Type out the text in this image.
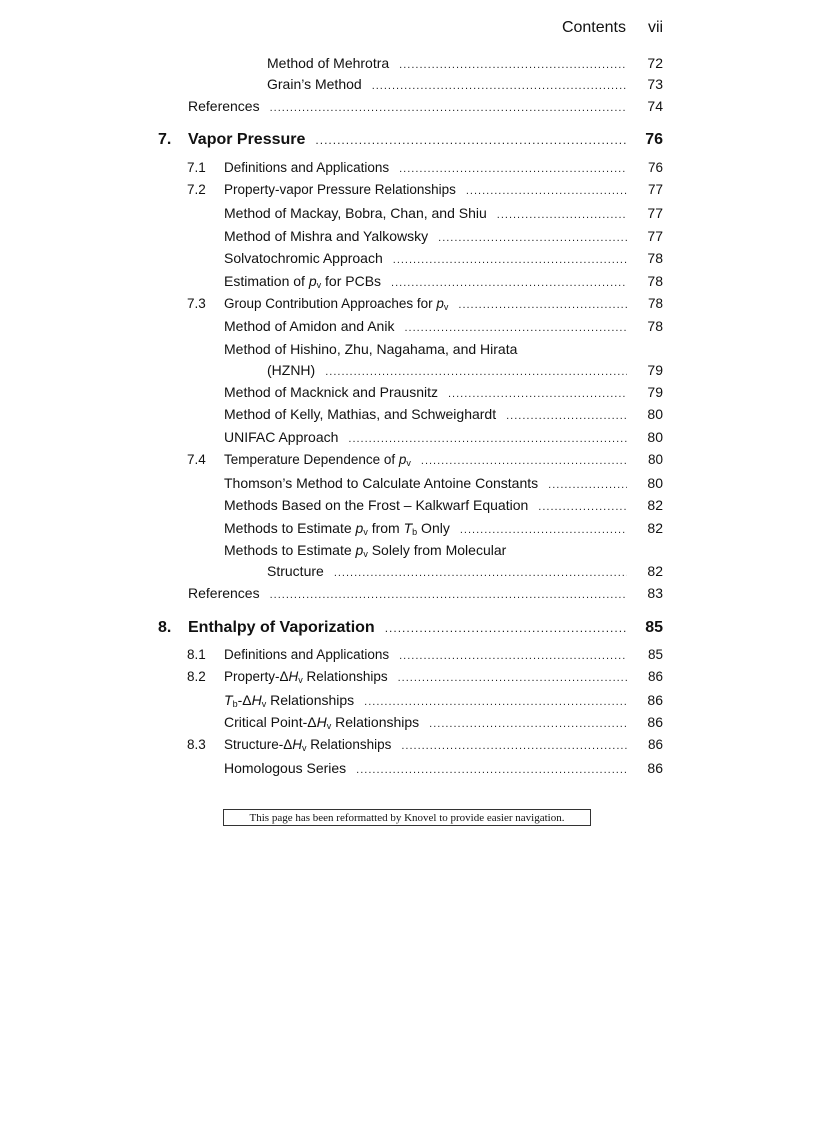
Contents vii
Method of Mehrotra .....	72
Grain’s Method .....	73
References .....	74
7. Vapor Pressure .....	76
7.1 Definitions and Applications .....	76
7.2 Property-vapor Pressure Relationships .....	77
Method of Mackay, Bobra, Chan, and Shiu .....	77
Method of Mishra and Yalkowsky .....	77
Solvatochromic Approach .....	78
Estimation of $p_v$ for PCBs .....	78
7.3 Group Contribution Approaches for $p_v$ .....	78
Method of Amidon and Anik .....	78
Method of Hishino, Zhu, Nagahama, and Hirata
(HZNH) .....	79
Method of Macknick and Prausnitz .....	79
Method of Kelly, Mathias, and Schweighardt .....	80
UNIFAC Approach .....	80
7.4 Temperature Dependence of $p_v$ .....	80
Thomson’s Method to Calculate Antoine Constants .....	80
Methods Based on the Frost – Kalkwarf Equation .....	82
Methods to Estimate $p_v$ from $T_b$ Only .....	82
Methods to Estimate $p_v$ Solely from Molecular
Structure .....	82
References .....	83
8. Enthalpy of Vaporization .....	85
8.1 Definitions and Applications .....	85
8.2 Property-$\Delta H_v$ Relationships .....	86
$T_b-\Delta H_v$ Relationships .....	86
Critical Point-$\Delta H_v$ Relationships .....	86
8.3 Structure-$\Delta H_v$ Relationships .....	86
Homologous Series .....	86
This page has been reformatted by Knovel to provide easier navigation.
